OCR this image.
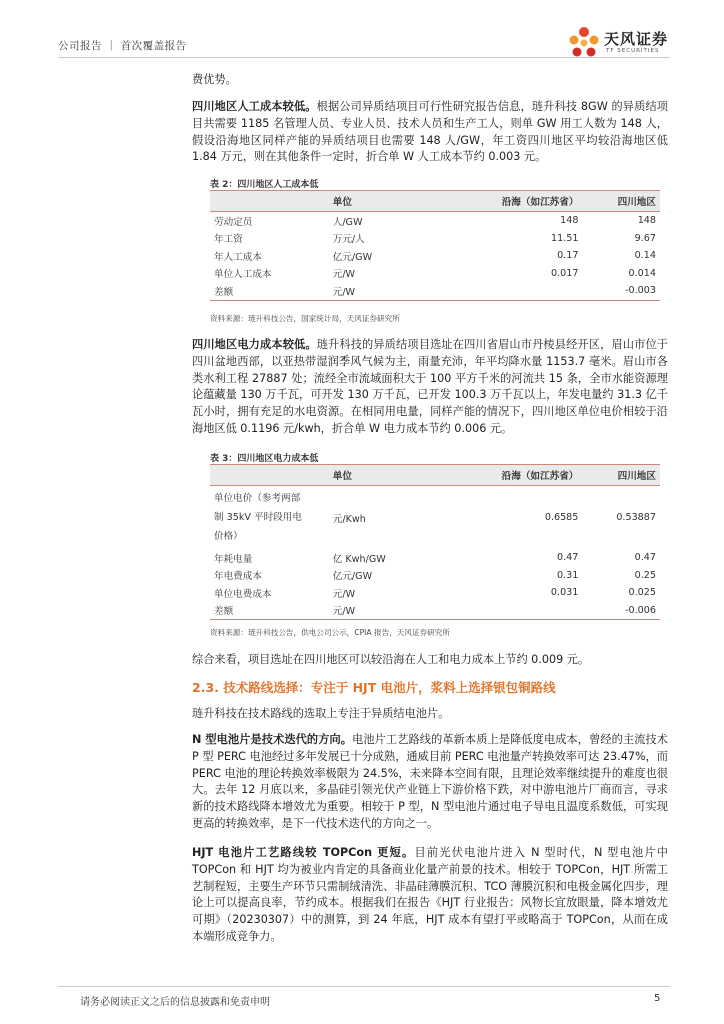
公司报告 ｜ 首次覆盖报告	天风证券
TF SECURITIES

费优势。

四川地区人工成本较低。根据公司异质结项目可行性研究报告信息，琏升科技 8GW 的异质结项目共需要 1185 名管理人员、专业人员、技术人员和生产工人，则单 GW 用工人数为 148 人，假设沿海地区同样产能的异质结项目也需要 148 人/GW，年工资四川地区平均较沿海地区低 1.84 万元，则在其他条件一定时，折合单 W 人工成本节约 0.003 元。

表 2：四川地区人工成本低
	单位	沿海（如江苏省）	四川地区
劳动定员	人/GW	148	148
年工资	万元/人	11.51	9.67
年人工成本	亿元/GW	0.17	0.14
单位人工成本	元/W	0.017	0.014
差额	元/W		-0.003
资料来源：琏升科技公告，国家统计局，天风证券研究所

四川地区电力成本较低。琏升科技的异质结项目选址在四川省眉山市丹棱县经开区，眉山市位于四川盆地西部，以亚热带湿润季风气候为主，雨量充沛，年平均降水量 1153.7 毫米。眉山市各类水利工程 27887 处；流经全市流域面积大于 100 平方千米的河流共 15 条，全市水能资源理论蕴藏量 130 万千瓦，可开发 130 万千瓦，已开发 100.3 万千瓦以上，年发电量约 31.3 亿千瓦小时，拥有充足的水电资源。在相同用电量，同样产能的情况下，四川地区单位电价相较于沿海地区低 0.1196 元/kwh，折合单 W 电力成本节约 0.006 元。

表 3：四川地区电力成本低
	单位	沿海（如江苏省）	四川地区

单位电价（参考两部
制 35kV 平时段用电
价格）	元/Kwh	0.6585	0.53887
年耗电量	亿 Kwh/GW	0.47	0.47
年电费成本	亿元/GW	0.31	0.25
单位电费成本	元/W	0.031	0.025
差额	元/W		-0.006
资料来源：琏升科技公告，供电公司公示，CPIA 报告，天风证券研究所

综合来看，项目选址在四川地区可以较沿海在人工和电力成本上节约 0.009 元。

2.3. 技术路线选择：专注于 HJT 电池片，浆料上选择银包铜路线

琏升科技在技术路线的选取上专注于异质结电池片。

N 型电池片是技术迭代的方向。电池片工艺路线的革新本质上是降低度电成本，曾经的主流技术 P 型 PERC 电池经过多年发展已十分成熟，通威目前 PERC 电池量产转换效率可达 23.47%，而 PERC 电池的理论转换效率极限为 24.5%，未来降本空间有限，且理论效率继续提升的难度也很大。去年 12 月底以来，多晶硅引领光伏产业链上下游价格下跌，对中游电池片厂商而言，寻求新的技术路线降本增效尤为重要。相较于 P 型，N 型电池片通过电子导电且温度系数低，可实现更高的转换效率，是下一代技术迭代的方向之一。

HJT 电池片工艺路线较 TOPCon 更短。目前光伏电池片进入 N 型时代，N 型电池片中 TOPCon 和 HJT 均为被业内肯定的具备商业化量产前景的技术。相较于 TOPCon，HJT 所需工艺制程短，主要生产环节只需制绒清洗、非晶硅薄膜沉积、TCO 薄膜沉积和电极金属化四步，理论上可以提高良率，节约成本。根据我们在报告《HJT 行业报告：风物长宜放眼量，降本增效尤可期》（20230307）中的测算，到 24 年底，HJT 成本有望打平或略高于 TOPCon，从而在成本端形成竞争力。

请务必阅读正文之后的信息披露和免责申明	5
